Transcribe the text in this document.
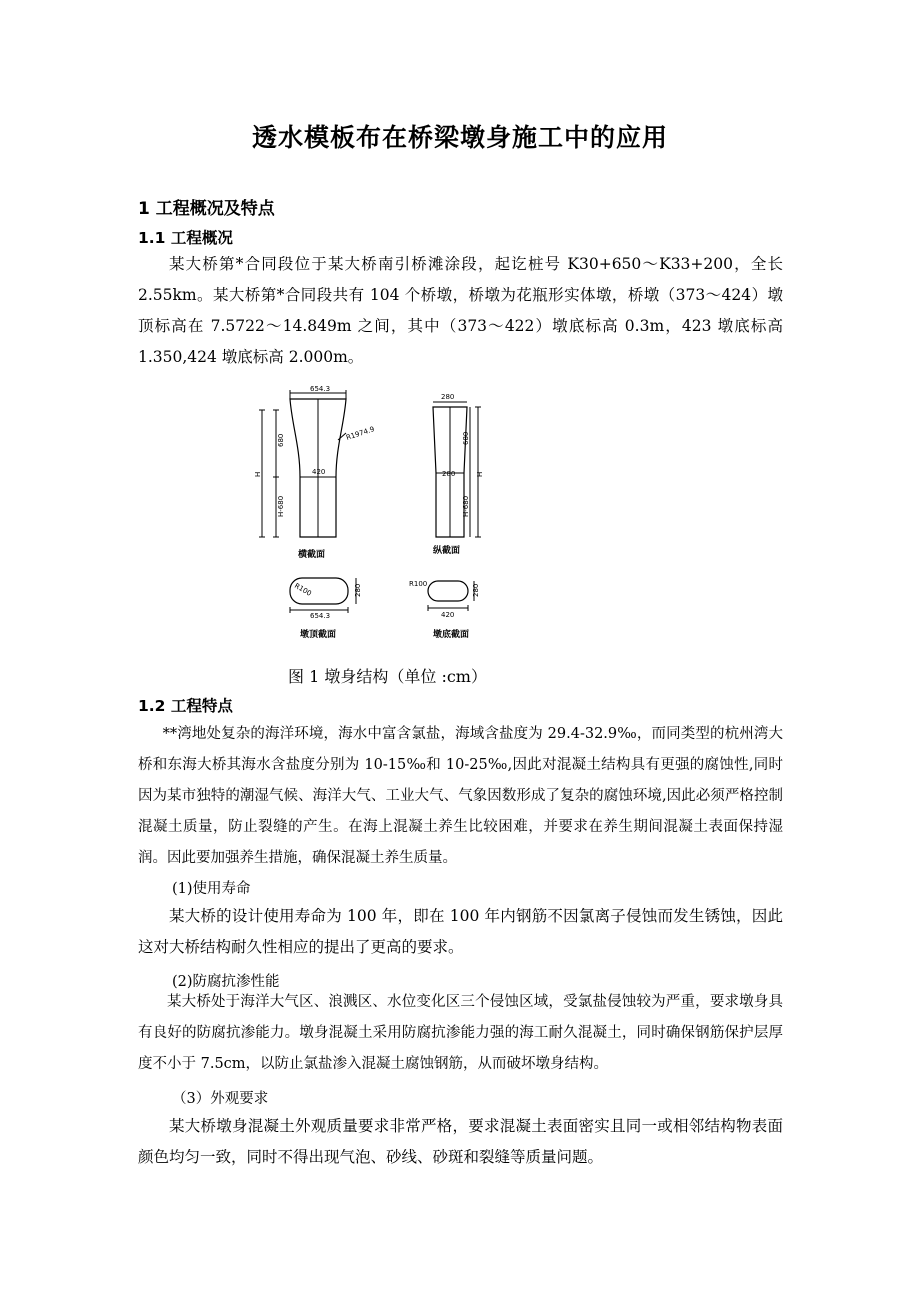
透水模板布在桥梁墩身施工中的应用
1 工程概况及特点
1.1 工程概况

某大桥第*合同段位于某大桥南引桥滩涂段，起讫桩号 K30+650～K33+200，全长 2.55km。某大桥第*合同段共有 104 个桥墩，桥墩为花瓶形实体墩，桥墩（373～424）墩顶标高在 7.5722～14.849m 之间，其中（373～422）墩底标高 0.3m，423 墩底标高 1.350,424 墩底标高 2.000m。

654.3
R1974.9
680
H
H-680
420
280
680
H
H-680
280
R100
654.3
280	R100
420
280
横截面	纵截面
墩顶截面	墩底截面
图 1 墩身结构（单位 :cm）
1.2 工程特点

**湾地处复杂的海洋环境，海水中富含氯盐，海域含盐度为 29.4-32.9‰，而同类型的杭州湾大桥和东海大桥其海水含盐度分别为 10-15‰和 10-25‰,因此对混凝土结构具有更强的腐蚀性,同时因为某市独特的潮湿气候、海洋大气、工业大气、气象因数形成了复杂的腐蚀环境,因此必须严格控制混凝土质量，防止裂缝的产生。在海上混凝土养生比较困难，并要求在养生期间混凝土表面保持湿润。因此要加强养生措施，确保混凝土养生质量。

(1)使用寿命

某大桥的设计使用寿命为 100 年，即在 100 年内钢筋不因氯离子侵蚀而发生锈蚀，因此这对大桥结构耐久性相应的提出了更高的要求。

(2)防腐抗渗性能

某大桥处于海洋大气区、浪溅区、水位变化区三个侵蚀区域，受氯盐侵蚀较为严重，要求墩身具有良好的防腐抗渗能力。墩身混凝土采用防腐抗渗能力强的海工耐久混凝土，同时确保钢筋保护层厚度不小于 7.5cm，以防止氯盐渗入混凝土腐蚀钢筋，从而破坏墩身结构。

（3）外观要求

某大桥墩身混凝土外观质量要求非常严格，要求混凝土表面密实且同一或相邻结构物表面颜色均匀一致，同时不得出现气泡、砂线、砂斑和裂缝等质量问题。
